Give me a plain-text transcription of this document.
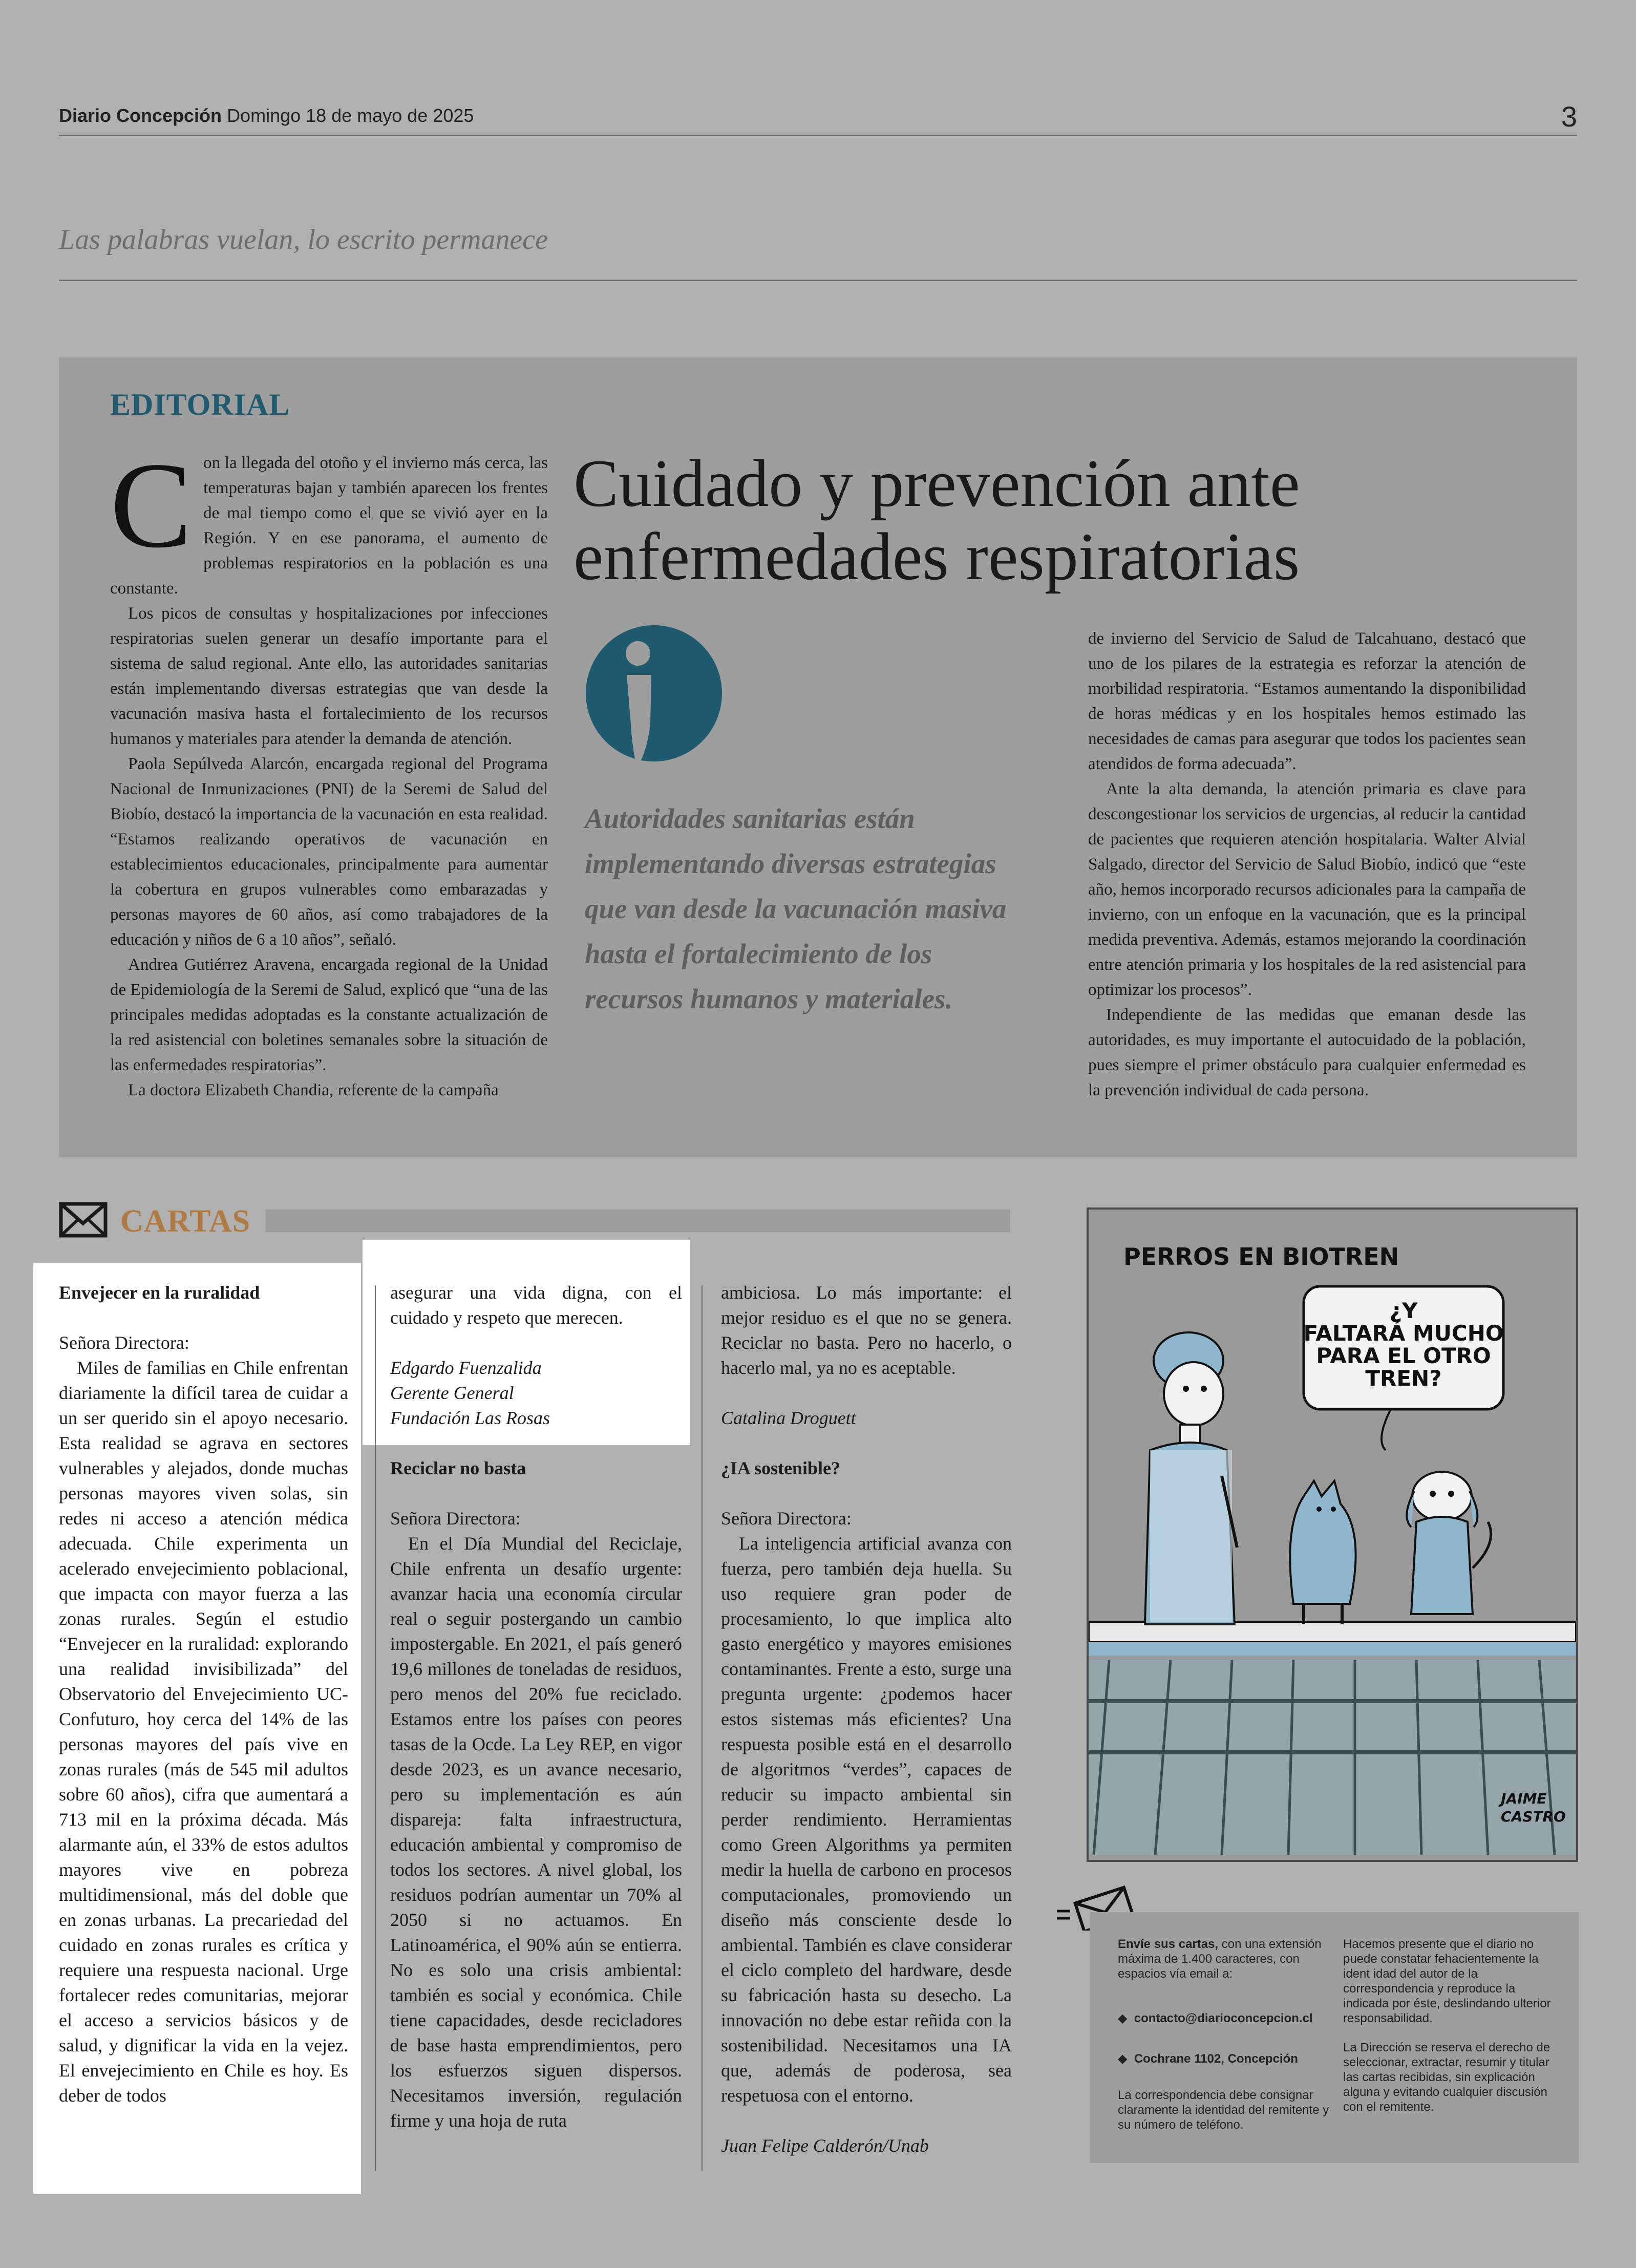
Diario Concepción Domingo 18 de mayo de 2025	3
Las palabras vuelan, lo escrito permanece
EDITORIAL
C on la llegada del otoño y el invierno más cerca, las temperaturas bajan y también aparecen los frentes de mal tiempo como el que se vivió ayer en la Región. Y en ese panorama, el aumento de problemas respiratorios en la población es una constante.

Los picos de consultas y hospitalizaciones por infecciones respiratorias suelen generar un desafío importante para el sistema de salud regional. Ante ello, las autoridades sanitarias están implementando diversas estrategias que van desde la vacunación masiva hasta el fortalecimiento de los recursos humanos y materiales para atender la demanda de atención.

Paola Sepúlveda Alarcón, encargada regional del Programa Nacional de Inmunizaciones (PNI) de la Seremi de Salud del Biobío, destacó la importancia de la vacunación en esta realidad. “Estamos realizando operativos de vacunación en establecimientos educacionales, principalmente para aumentar la cobertura en grupos vulnerables como embarazadas y personas mayores de 60 años, así como trabajadores de la educación y niños de 6 a 10 años”, señaló.

Andrea Gutiérrez Aravena, encargada regional de la Unidad de Epidemiología de la Seremi de Salud, explicó que “una de las principales medidas adoptadas es la constante actualización de la red asistencial con boletines semanales sobre la situación de las enfermedades respiratorias”.

La doctora Elizabeth Chandia, referente de la campaña

Cuidado y prevención ante enfermedades respiratorias
Autoridades sanitarias están implementando diversas estrategias que van desde la vacunación masiva hasta el fortalecimiento de los recursos humanos y materiales.

de invierno del Servicio de Salud de Talcahuano, destacó que uno de los pilares de la estrategia es reforzar la atención de morbilidad respiratoria. “Estamos aumentando la disponibilidad de horas médicas y en los hospitales hemos estimado las necesidades de camas para asegurar que todos los pacientes sean atendidos de forma adecuada”.

Ante la alta demanda, la atención primaria es clave para descongestionar los servicios de urgencias, al reducir la cantidad de pacientes que requieren atención hospitalaria. Walter Alvial Salgado, director del Servicio de Salud Biobío, indicó que “este año, hemos incorporado recursos adicionales para la campaña de invierno, con un enfoque en la vacunación, que es la principal medida preventiva. Además, estamos mejorando la coordinación entre atención primaria y los hospitales de la red asistencial para optimizar los procesos”.

Independiente de las medidas que emanan desde las autoridades, es muy importante el autocuidado de la población, pues siempre el primer obstáculo para cualquier enfermedad es la prevención individual de cada persona.

CARTAS

Envejecer en la ruralidad

Señora Directora:

Miles de familias en Chile enfrentan diariamente la difícil tarea de cuidar a un ser querido sin el apoyo necesario. Esta realidad se agrava en sectores vulnerables y alejados, donde muchas personas mayores viven solas, sin redes ni acceso a atención médica adecuada. Chile experimenta un acelerado envejecimiento poblacional, que impacta con mayor fuerza a las zonas rurales. Según el estudio “Envejecer en la ruralidad: explorando una realidad invisibilizada” del Observatorio del Envejecimiento UC-Confuturo, hoy cerca del 14% de las personas mayores del país vive en zonas rurales (más de 545 mil adultos sobre 60 años), cifra que aumentará a 713 mil en la próxima década. Más alarmante aún, el 33% de estos adultos mayores vive en pobreza multidimensional, más del doble que en zonas urbanas. La precariedad del cuidado en zonas rurales es crítica y requiere una respuesta nacional. Urge fortalecer redes comunitarias, mejorar el acceso a servicios básicos y de salud, y dignificar la vida en la vejez. El envejecimiento en Chile es hoy. Es deber de todos

asegurar una vida digna, con el cuidado y respeto que merecen.

Edgardo Fuenzalida

Gerente General

Fundación Las Rosas

Reciclar no basta

Señora Directora:

En el Día Mundial del Reciclaje, Chile enfrenta un desafío urgente: avanzar hacia una economía circular real o seguir postergando un cambio impostergable. En 2021, el país generó 19,6 millones de toneladas de residuos, pero menos del 20% fue reciclado. Estamos entre los países con peores tasas de la Ocde. La Ley REP, en vigor desde 2023, es un avance necesario, pero su implementación es aún dispareja: falta infraestructura, educación ambiental y compromiso de todos los sectores. A nivel global, los residuos podrían aumentar un 70% al 2050 si no actuamos. En Latinoamérica, el 90% aún se entierra. No es solo una crisis ambiental: también es social y económica. Chile tiene capacidades, desde recicladores de base hasta emprendimientos, pero los esfuerzos siguen dispersos. Necesitamos inversión, regulación firme y una hoja de ruta

ambiciosa. Lo más importante: el mejor residuo es el que no se genera. Reciclar no basta. Pero no hacerlo, o hacerlo mal, ya no es aceptable.

Catalina Droguett

¿IA sostenible?

Señora Directora:

La inteligencia artificial avanza con fuerza, pero también deja huella. Su uso requiere gran poder de procesamiento, lo que implica alto gasto energético y mayores emisiones contaminantes. Frente a esto, surge una pregunta urgente: ¿podemos hacer estos sistemas más eficientes? Una respuesta posible está en el desarrollo de algoritmos “verdes”, capaces de reducir su impacto ambiental sin perder rendimiento. Herramientas como Green Algorithms ya permiten medir la huella de carbono en procesos computacionales, promoviendo un diseño más consciente desde lo ambiental. También es clave considerar el ciclo completo del hardware, desde su fabricación hasta su desecho. La innovación no debe estar reñida con la sostenibilidad. Necesitamos una IA que, además de poderosa, sea respetuosa con el entorno.

Juan Felipe Calderón/Unab

PERROS EN BIOTREN
¿Y
FALTARÁ MUCHO
PARA EL OTRO
TREN?
JAIME
CASTRO

Envíe sus cartas, con una extensión máxima de 1.400 caracteres, con espacios vía email a:

◆  contacto@diarioconcepcion.cl

◆  Cochrane 1102, Concepción

La correspondencia debe consignar claramente la identidad del remitente y su número de teléfono.

Hacemos presente que el diario no puede constatar fehacientemente la ident idad del autor de la correspondencia y reproduce la indicada por éste, deslindando ulterior responsabilidad.

La Dirección se reserva el derecho de seleccionar, extractar, resumir y titular las cartas recibidas, sin explicación alguna y evitando cualquier discusión con el remitente.
